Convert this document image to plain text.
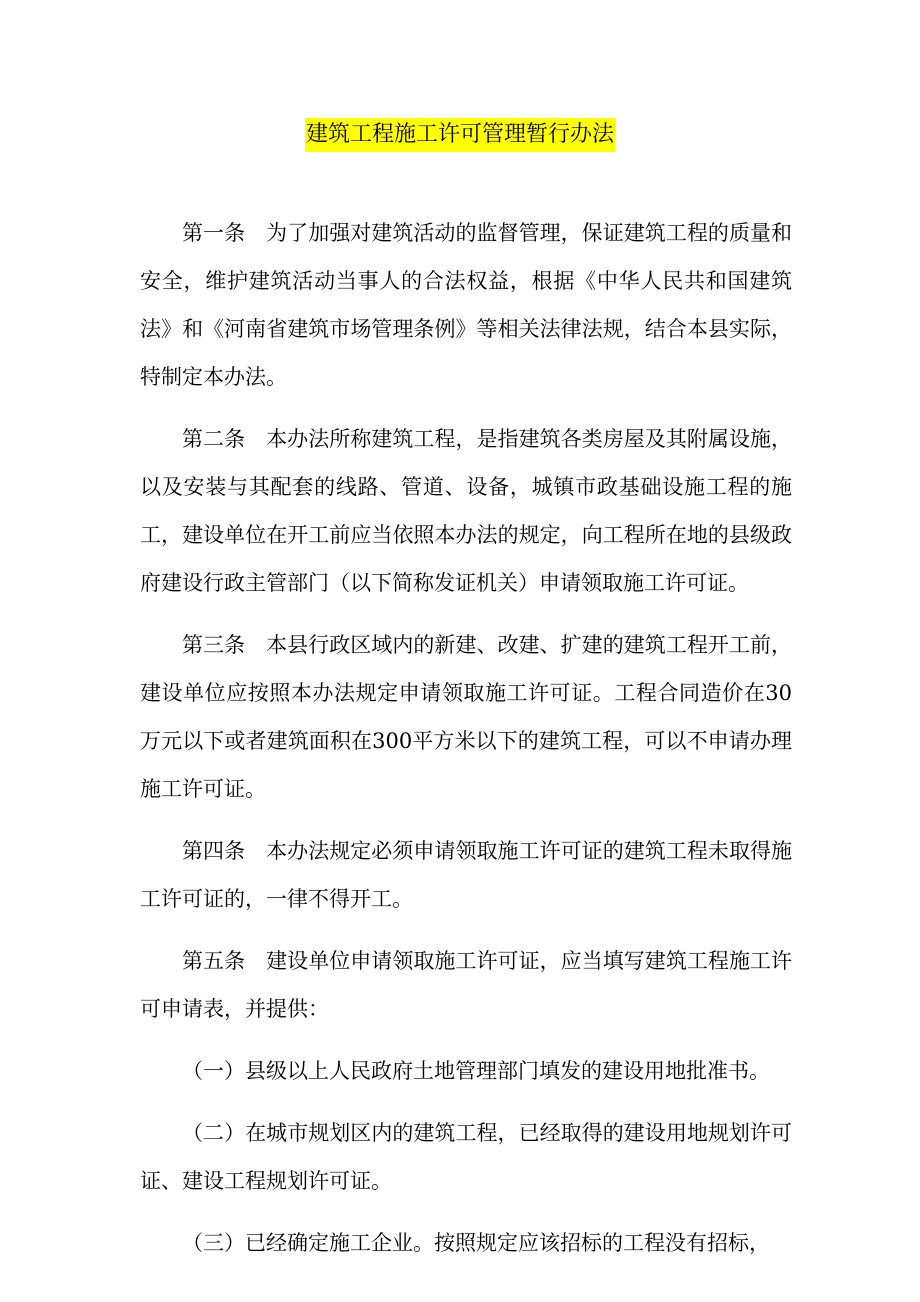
建筑工程施工许可管理暂行办法

第一条 为了加强对建筑活动的监督管理，保证建筑工程的质量和安全，维护建筑活动当事人的合法权益，根据《中华人民共和国建筑法》和《河南省建筑市场管理条例》等相关法律法规，结合本县实际，特制定本办法。

第二条 本办法所称建筑工程，是指建筑各类房屋及其附属设施，以及安装与其配套的线路、管道、设备，城镇市政基础设施工程的施工，建设单位在开工前应当依照本办法的规定，向工程所在地的县级政府建设行政主管部门（以下简称发证机关）申请领取施工许可证。

第三条 本县行政区域内的新建、改建、扩建的建筑工程开工前，建设单位应按照本办法规定申请领取施工许可证。工程合同造价在30万元以下或者建筑面积在300平方米以下的建筑工程，可以不申请办理施工许可证。

第四条 本办法规定必须申请领取施工许可证的建筑工程未取得施工许可证的，一律不得开工。

第五条 建设单位申请领取施工许可证，应当填写建筑工程施工许可申请表，并提供：

（一）县级以上人民政府土地管理部门填发的建设用地批准书。

（二）在城市规划区内的建筑工程，已经取得的建设用地规划许可证、建设工程规划许可证。

（三）已经确定施工企业。按照规定应该招标的工程没有招标，
